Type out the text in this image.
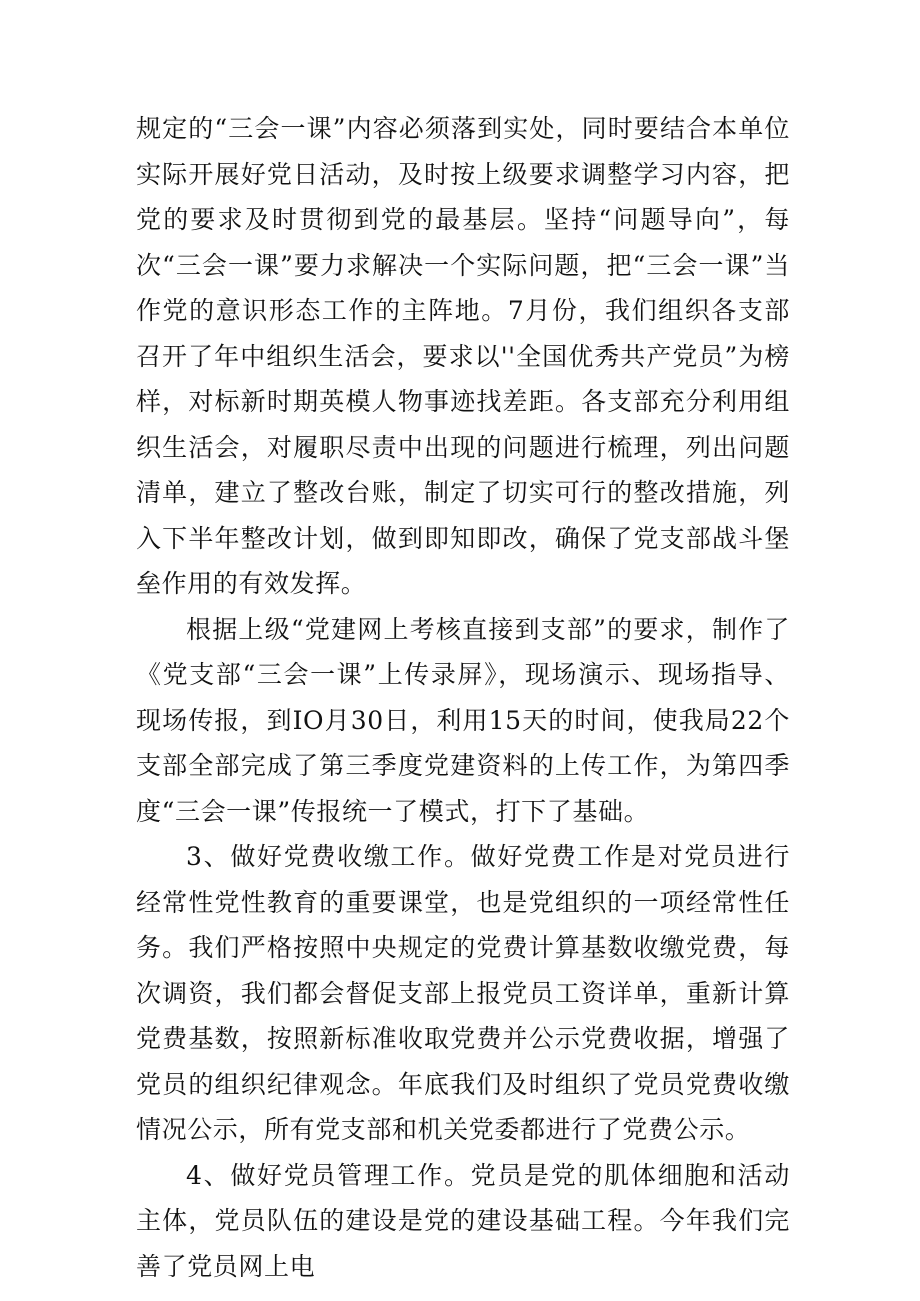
规定的“三会一课”内容必须落到实处，同时要结合本单位实际开展好党日活动，及时按上级要求调整学习内容，把党的要求及时贯彻到党的最基层。坚持“问题导向”，每次“三会一课”要力求解决一个实际问题，把“三会一课”当作党的意识形态工作的主阵地。7月份，我们组织各支部召开了年中组织生活会，要求以''全国优秀共产党员”为榜样，对标新时期英模人物事迹找差距。各支部充分利用组织生活会，对履职尽责中出现的问题进行梳理，列出问题清单，建立了整改台账，制定了切实可行的整改措施，列入下半年整改计划，做到即知即改，确保了党支部战斗堡垒作用的有效发挥。

根据上级“党建网上考核直接到支部”的要求，制作了《党支部“三会一课”上传录屏》，现场演示、现场指导、现场传报，到IO月30日，利用15天的时间，使我局22个支部全部完成了第三季度党建资料的上传工作，为第四季度“三会一课”传报统一了模式，打下了基础。

3、做好党费收缴工作。做好党费工作是对党员进行经常性党性教育的重要课堂，也是党组织的一项经常性任务。我们严格按照中央规定的党费计算基数收缴党费，每次调资，我们都会督促支部上报党员工资详单，重新计算党费基数，按照新标准收取党费并公示党费收据，增强了党员的组织纪律观念。年底我们及时组织了党员党费收缴情况公示，所有党支部和机关党委都进行了党费公示。

4、做好党员管理工作。党员是党的肌体细胞和活动主体，党员队伍的建设是党的建设基础工程。今年我们完善了党员网上电
